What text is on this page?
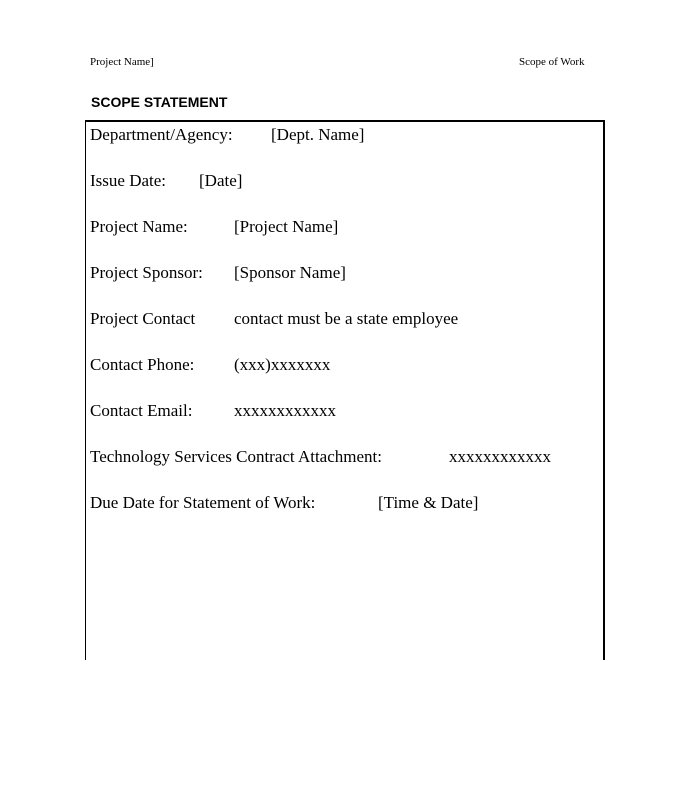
Project Name]	Scope of Work
SCOPE STATEMENT
Department/Agency: [Dept. Name]
Issue Date: [Date]
Project Name:	[Project Name]
Project Sponsor: [Sponsor Name]
Project Contact contact must be a state employee
Contact Phone: (xxx)xxxxxxx
Contact Email: xxxxxxxxxxxx
Technology Services Contract Attachment:	xxxxxxxxxxxx
Due Date for Statement of Work:	[Time & Date]
